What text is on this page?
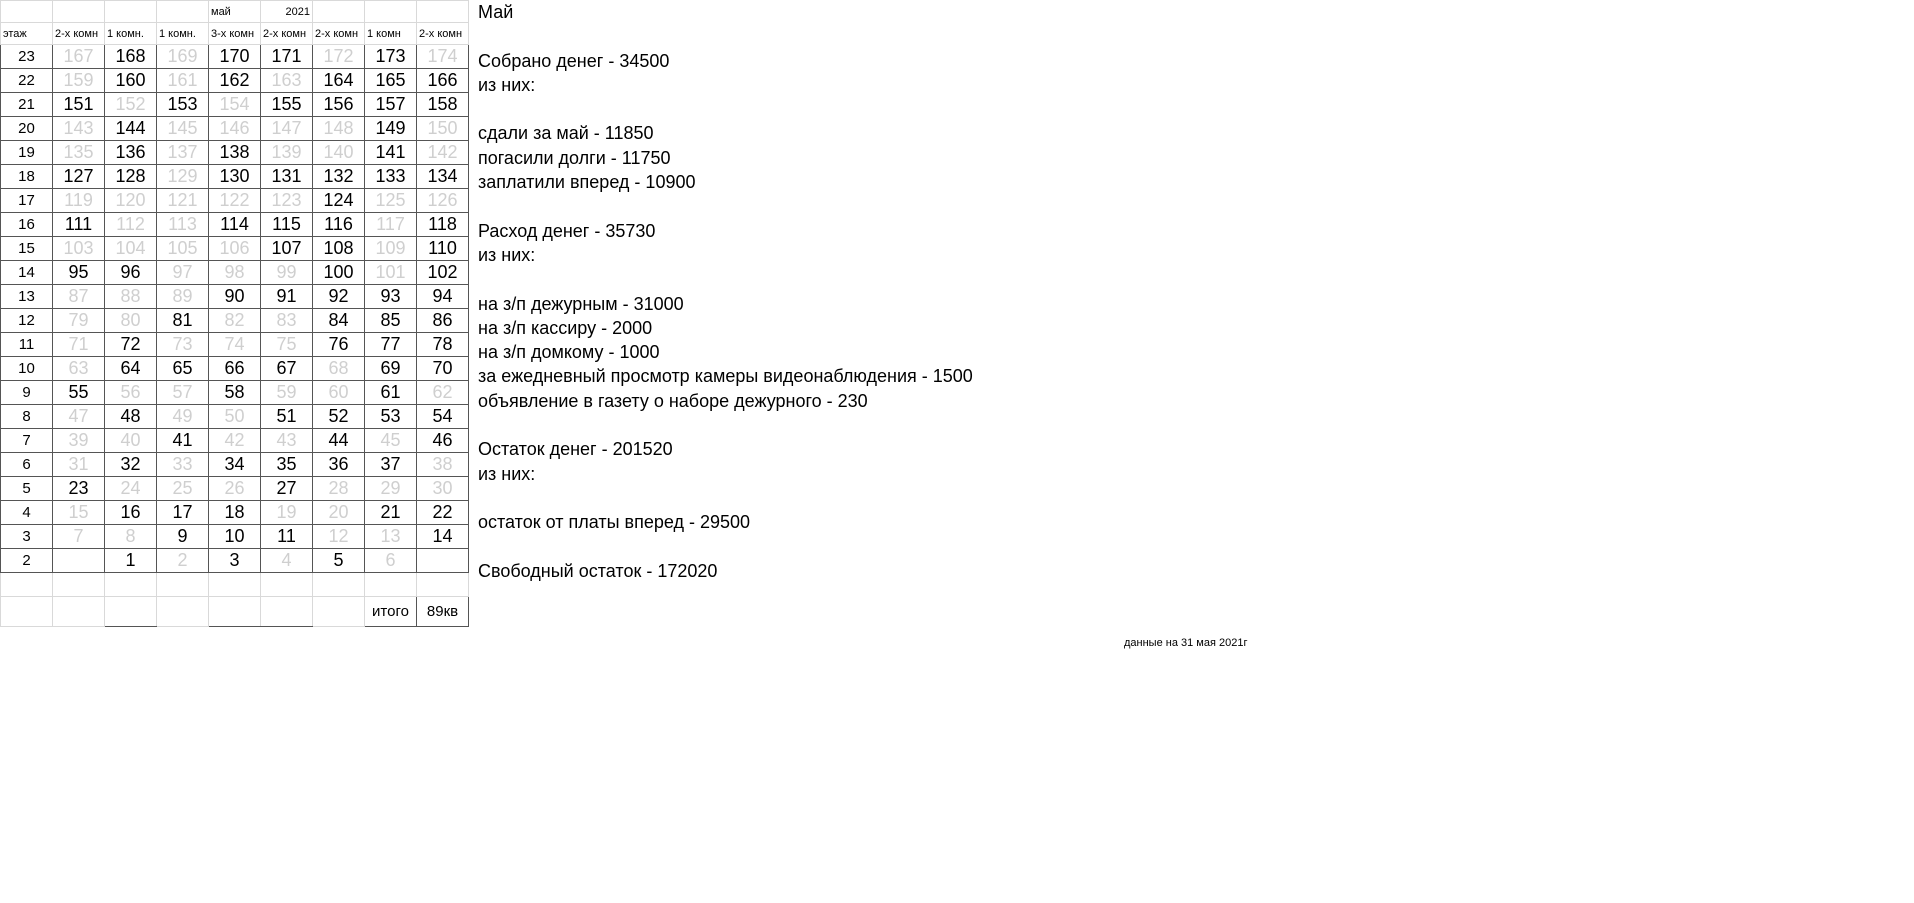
				май	2021			
этаж	2-х комн	1 комн.	1 комн.	3-х комн	2-х комн	2-х комн	1 комн	2-х комн
23	167	168	169	170	171	172	173	174
22	159	160	161	162	163	164	165	166
21	151	152	153	154	155	156	157	158
20	143	144	145	146	147	148	149	150
19	135	136	137	138	139	140	141	142
18	127	128	129	130	131	132	133	134
17	119	120	121	122	123	124	125	126
16	111	112	113	114	115	116	117	118
15	103	104	105	106	107	108	109	110
14	95	96	97	98	99	100	101	102
13	87	88	89	90	91	92	93	94
12	79	80	81	82	83	84	85	86
11	71	72	73	74	75	76	77	78
10	63	64	65	66	67	68	69	70
9	55	56	57	58	59	60	61	62
8	47	48	49	50	51	52	53	54
7	39	40	41	42	43	44	45	46
6	31	32	33	34	35	36	37	38
5	23	24	25	26	27	28	29	30
4	15	16	17	18	19	20	21	22
3	7	8	9	10	11	12	13	14
2		1	2	3	4	5	6	

							итого	89кв
Май
Собрано денег - 34500
из них:
сдали за май - 11850
погасили долги - 11750
заплатили вперед - 10900
Расход денег - 35730
из них:
на з/п дежурным - 31000
на з/п кассиру - 2000
на з/п домкому - 1000
за ежедневный просмотр камеры видеонаблюдения - 1500
объявление в газету о наборе дежурного - 230
Остаток денег - 201520
из них:
остаток от платы вперед - 29500
Свободный остаток - 172020
данные на 31 мая 2021г
